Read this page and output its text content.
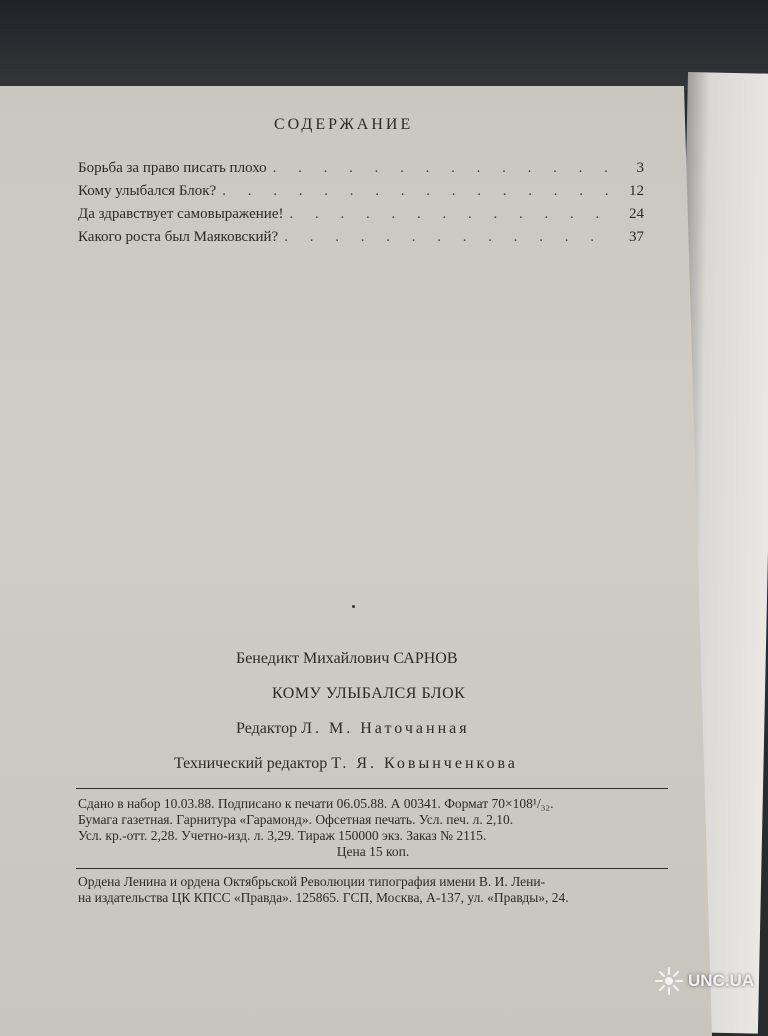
СОДЕРЖАНИЕ
Борьба за право писать плохо . . .	3
Кому улыбался Блок? . . .	12
Да здравствует самовыражение! . . .	24
Какого роста был Маяковский? . . .	37
Бенедикт Михайлович САРНОВ
КОМУ УЛЫБАЛСЯ БЛОК
Редактор Л. М. Наточанная
Технический редактор Т. Я. Ковынченкова
Сдано в набор 10.03.88. Подписано к печати 06.05.88. А 00341. Формат 70×108¹/₃₂.
Бумага газетная. Гарнитура «Гарамонд». Офсетная печать. Усл. печ. л. 2,10.
Усл. кр.-отт. 2,28. Учетно-изд. л. 3,29. Тираж 150000 экз. Заказ № 2115.
Цена 15 коп.
Ордена Ленина и ордена Октябрьской Революции типография имени В. И. Лени-
на издательства ЦК КПСС «Правда». 125865. ГСП, Москва, А-137, ул. «Правды», 24.
UNC.UA
